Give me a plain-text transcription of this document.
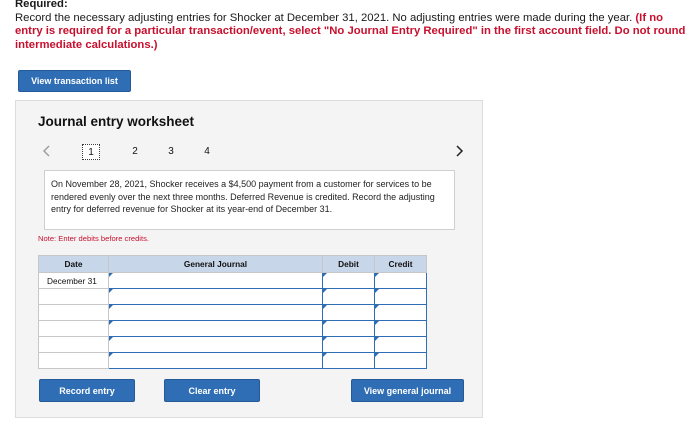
Required:
Record the necessary adjusting entries for Shocker at December 31, 2021. No adjusting entries were made during the year. (If no entry is required for a particular transaction/event, select "No Journal Entry Required" in the first account field. Do not round intermediate calculations.)
View transaction list
Journal entry worksheet
1	2	3	4
On November 28, 2021, Shocker receives a $4,500 payment from a customer for services to be rendered evenly over the next three months. Deferred Revenue is credited. Record the adjusting entry for deferred revenue for Shocker at its year-end of December 31.
Note: Enter debits before credits.
Date	General Journal	Debit	Credit
December 31	

Record entry	Clear entry	View general journal
